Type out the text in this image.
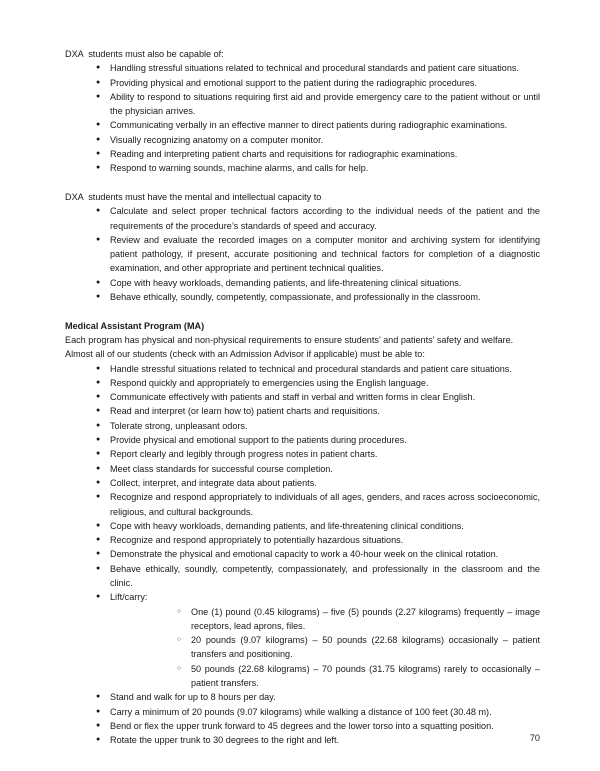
DXA  students must also be capable of:

● Handling stressful situations related to technical and procedural standards and patient care situations.
● Providing physical and emotional support to the patient during the radiographic procedures.
● Ability to respond to situations requiring first aid and provide emergency care to the patient without or until the physician arrives.
● Communicating verbally in an effective manner to direct patients during radiographic examinations.
● Visually recognizing anatomy on a computer monitor.
● Reading and interpreting patient charts and requisitions for radiographic examinations.
● Respond to warning sounds, machine alarms, and calls for help.

DXA  students must have the mental and intellectual capacity to

● Calculate and select proper technical factors according to the individual needs of the patient and the requirements of the procedure’s standards of speed and accuracy.
● Review and evaluate the recorded images on a computer monitor and archiving system for identifying patient pathology, if present, accurate positioning and technical factors for completion of a diagnostic examination, and other appropriate and pertinent technical qualities.
● Cope with heavy workloads, demanding patients, and life-threatening clinical situations.
● Behave ethically, soundly, competently, compassionate, and professionally in the classroom.

Medical Assistant Program (MA)

Each program has physical and non-physical requirements to ensure students’ and patients’ safety and welfare.

Almost all of our students (check with an Admission Advisor if applicable) must be able to:

● Handle stressful situations related to technical and procedural standards and patient care situations.
● Respond quickly and appropriately to emergencies using the English language.
● Communicate effectively with patients and staff in verbal and written forms in clear English.
● Read and interpret (or learn how to) patient charts and requisitions.
● Tolerate strong, unpleasant odors.
● Provide physical and emotional support to the patients during procedures.
● Report clearly and legibly through progress notes in patient charts.
● Meet class standards for successful course completion.
● Collect, interpret, and integrate data about patients.
● Recognize and respond appropriately to individuals of all ages, genders, and races across socioeconomic, religious, and cultural backgrounds.
● Cope with heavy workloads, demanding patients, and life-threatening clinical conditions.
● Recognize and respond appropriately to potentially hazardous situations.
● Demonstrate the physical and emotional capacity to work a 40-hour week on the clinical rotation.
● Behave ethically, soundly, competently, compassionately, and professionally in the classroom and the clinic.
● Lift/carry:
○ One (1) pound (0.45 kilograms) – five (5) pounds (2.27 kilograms) frequently – image receptors, lead aprons, files.
○ 20 pounds (9.07 kilograms) – 50 pounds (22.68 kilograms) occasionally – patient transfers and positioning.
○ 50 pounds (22.68 kilograms) – 70 pounds (31.75 kilograms) rarely to occasionally – patient transfers.
● Stand and walk for up to 8 hours per day.
● Carry a minimum of 20 pounds (9.07 kilograms) while walking a distance of 100 feet (30.48 m).
● Bend or flex the upper trunk forward to 45 degrees and the lower torso into a squatting position.
● Rotate the upper trunk to 30 degrees to the right and left.	70
